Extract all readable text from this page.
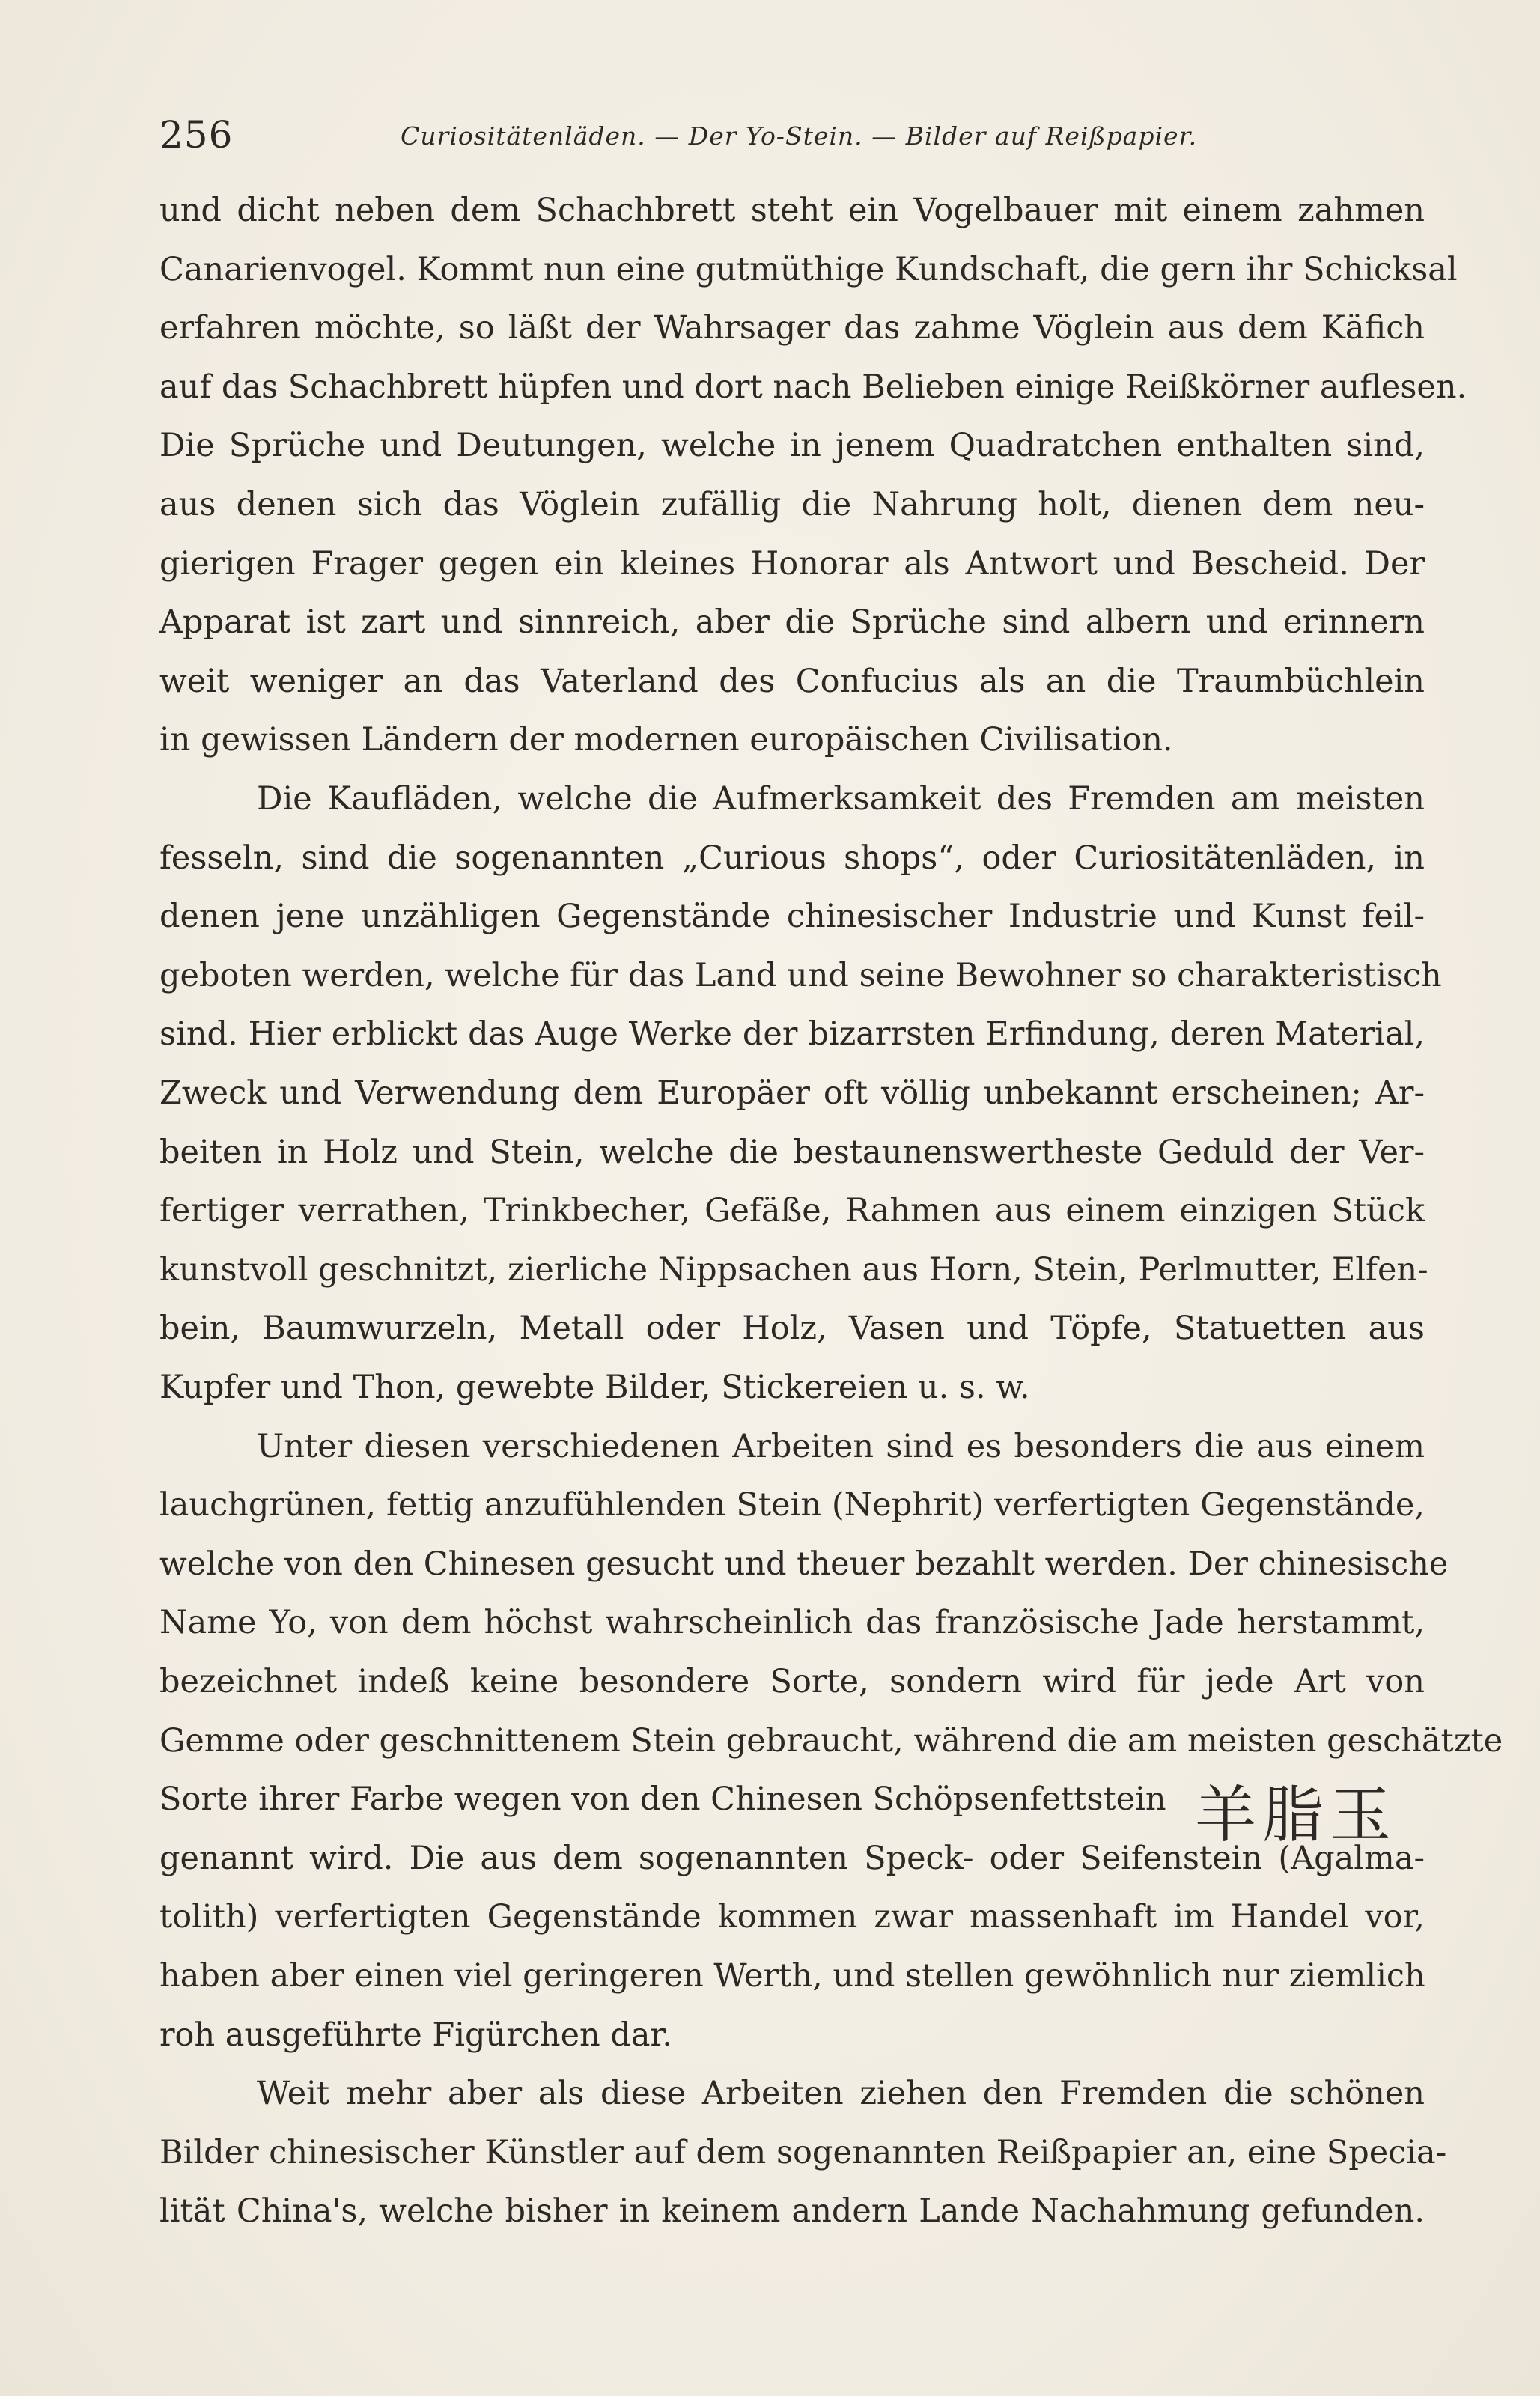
256	Curiositätenläden. — Der Yo-Stein. — Bilder auf Reißpapier.
und dicht neben dem Schachbrett steht ein Vogelbauer mit einem zahmen
Canarienvogel. Kommt nun eine gutmüthige Kundschaft, die gern ihr Schicksal
erfahren möchte, so läßt der Wahrsager das zahme Vöglein aus dem Käfich
auf das Schachbrett hüpfen und dort nach Belieben einige Reißkörner auflesen.
Die Sprüche und Deutungen, welche in jenem Quadratchen enthalten sind,
aus denen sich das Vöglein zufällig die Nahrung holt, dienen dem neu-
gierigen Frager gegen ein kleines Honorar als Antwort und Bescheid. Der
Apparat ist zart und sinnreich, aber die Sprüche sind albern und erinnern
weit weniger an das Vaterland des Confucius als an die Traumbüchlein
in gewissen Ländern der modernen europäischen Civilisation.
Die Kaufläden, welche die Aufmerksamkeit des Fremden am meisten
fesseln, sind die sogenannten „Curious shops“, oder Curiositätenläden, in
denen jene unzähligen Gegenstände chinesischer Industrie und Kunst feil-
geboten werden, welche für das Land und seine Bewohner so charakteristisch
sind. Hier erblickt das Auge Werke der bizarrsten Erfindung, deren Material,
Zweck und Verwendung dem Europäer oft völlig unbekannt erscheinen; Ar-
beiten in Holz und Stein, welche die bestaunenswertheste Geduld der Ver-
fertiger verrathen, Trinkbecher, Gefäße, Rahmen aus einem einzigen Stück
kunstvoll geschnitzt, zierliche Nippsachen aus Horn, Stein, Perlmutter, Elfen-
bein, Baumwurzeln, Metall oder Holz, Vasen und Töpfe, Statuetten aus
Kupfer und Thon, gewebte Bilder, Stickereien u. s. w.
Unter diesen verschiedenen Arbeiten sind es besonders die aus einem
lauchgrünen, fettig anzufühlenden Stein (Nephrit) verfertigten Gegenstände,
welche von den Chinesen gesucht und theuer bezahlt werden. Der chinesische
Name Yo, von dem höchst wahrscheinlich das französische Jade herstammt,
bezeichnet indeß keine besondere Sorte, sondern wird für jede Art von
Gemme oder geschnittenem Stein gebraucht, während die am meisten geschätzte
Sorte ihrer Farbe wegen von den Chinesen Schöpsenfettstein
genannt wird. Die aus dem sogenannten Speck- oder Seifenstein (Agalma-
tolith) verfertigten Gegenstände kommen zwar massenhaft im Handel vor,
haben aber einen viel geringeren Werth, und stellen gewöhnlich nur ziemlich
roh ausgeführte Figürchen dar.
Weit mehr aber als diese Arbeiten ziehen den Fremden die schönen
Bilder chinesischer Künstler auf dem sogenannten Reißpapier an, eine Specia-
lität China's, welche bisher in keinem andern Lande Nachahmung gefunden.
羊脂玉
